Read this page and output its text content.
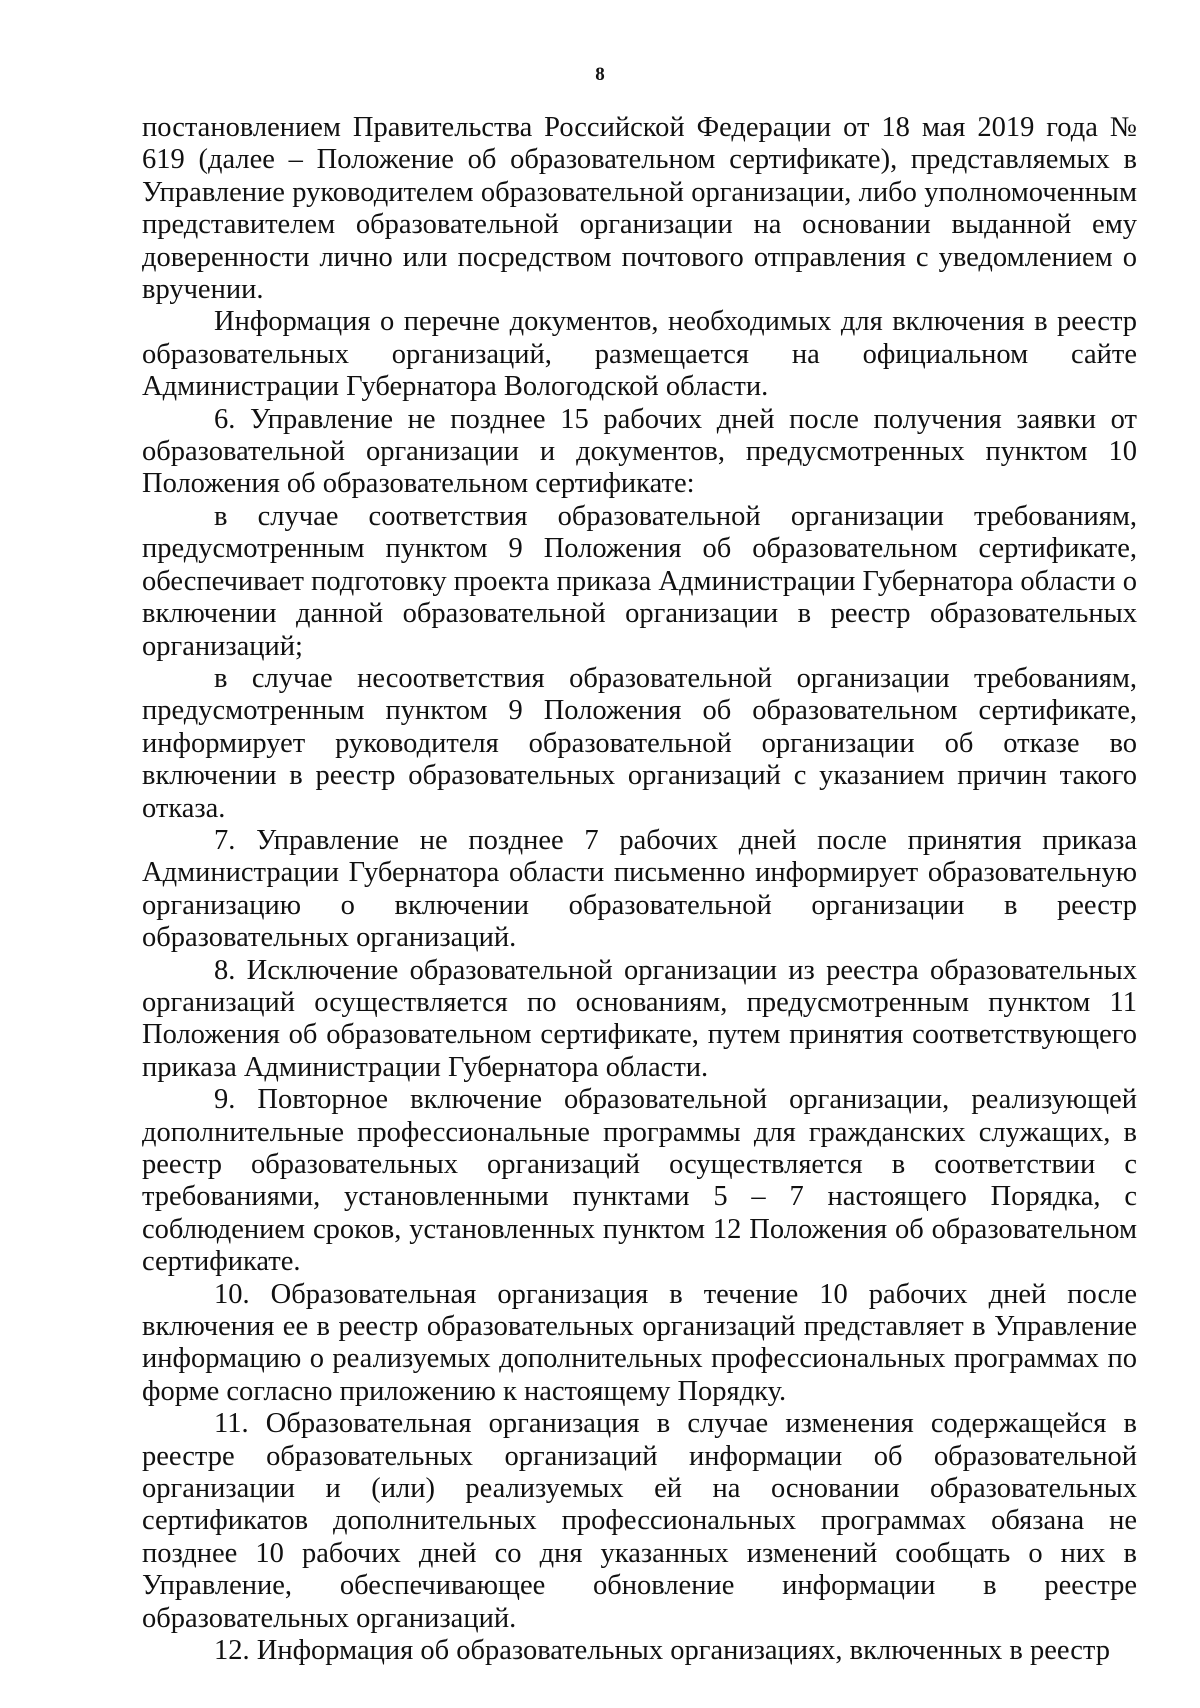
8

постановлением Правительства Российской Федерации от 18 мая 2019 года № 619 (далее – Положение об образовательном сертификате), представляемых в Управление руководителем образовательной организации, либо уполномоченным представителем образовательной организации на основании выданной ему доверенности лично или посредством почтового отправления с уведомлением о вручении.

Информация о перечне документов, необходимых для включения в реестр образовательных организаций, размещается на официальном сайте Администрации Губернатора Вологодской области.

6. Управление не позднее 15 рабочих дней после получения заявки от образовательной организации и документов, предусмотренных пунктом 10 Положения об образовательном сертификате:

в случае соответствия образовательной организации требованиям, предусмотренным пунктом 9 Положения об образовательном сертификате, обеспечивает подготовку проекта приказа Администрации Губернатора области о включении данной образовательной организации в реестр образовательных организаций;

в случае несоответствия образовательной организации требованиям, предусмотренным пунктом 9 Положения об образовательном сертификате, информирует руководителя образовательной организации об отказе во включении в реестр образовательных организаций с указанием причин такого отказа.

7. Управление не позднее 7 рабочих дней после принятия приказа Администрации Губернатора области письменно информирует образовательную организацию о включении образовательной организации в реестр образовательных организаций.

8. Исключение образовательной организации из реестра образовательных организаций осуществляется по основаниям, предусмотренным пунктом 11 Положения об образовательном сертификате, путем принятия соответствующего приказа Администрации Губернатора области.

9. Повторное включение образовательной организации, реализующей дополнительные профессиональные программы для гражданских служащих, в реестр образовательных организаций осуществляется в соответствии с требованиями, установленными пунктами 5 – 7 настоящего Порядка, с соблюдением сроков, установленных пунктом 12 Положения об образовательном сертификате.

10. Образовательная организация в течение 10 рабочих дней после включения ее в реестр образовательных организаций представляет в Управление информацию о реализуемых дополнительных профессиональных программах по форме согласно приложению к настоящему Порядку.

11. Образовательная организация в случае изменения содержащейся в реестре образовательных организаций информации об образовательной организации и (или) реализуемых ей на основании образовательных сертификатов дополнительных профессиональных программах обязана не позднее 10 рабочих дней со дня указанных изменений сообщать о них в Управление, обеспечивающее обновление информации в реестре образовательных организаций.

12. Информация об образовательных организациях, включенных в реестр
